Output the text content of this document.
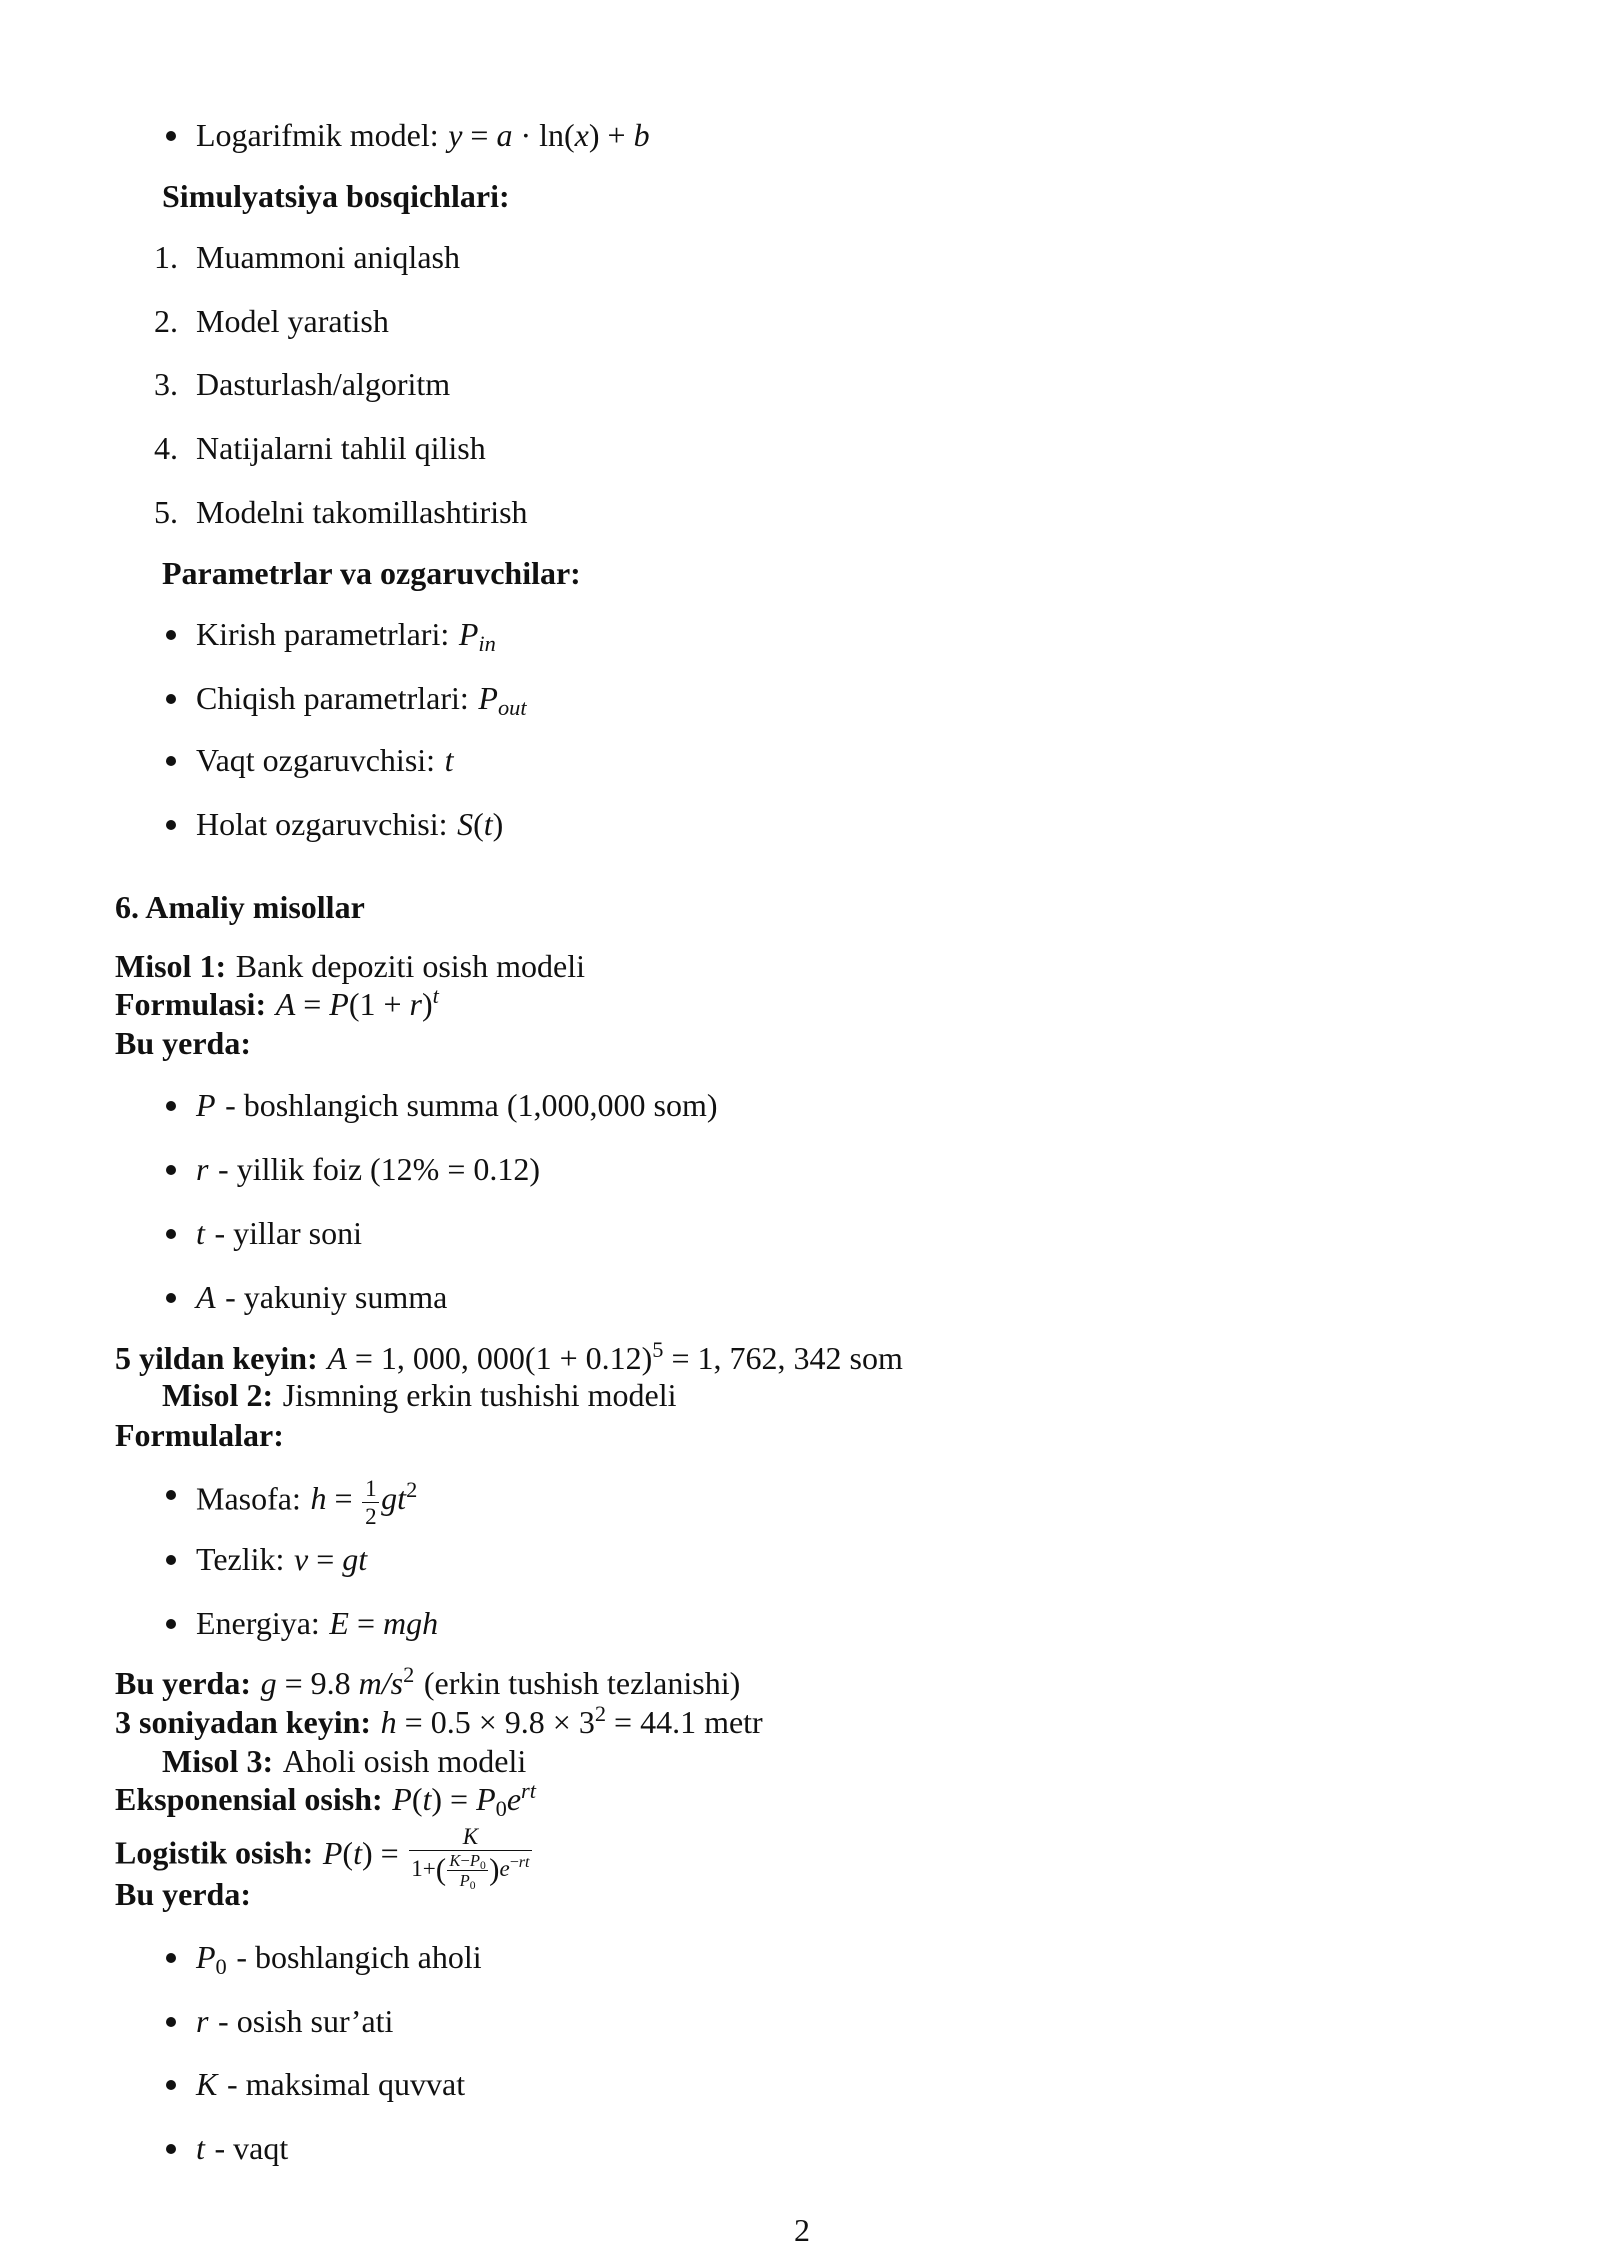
Logarifmik model: y = a · ln(x) + b
Simulyatsiya bosqichlari:
1. Muammoni aniqlash
2. Model yaratish
3. Dasturlash/algoritm
4. Natijalarni tahlil qilish
5. Modelni takomillashtirish
Parametrlar va ozgaruvchilar:
Kirish parametrlari: Pin
Chiqish parametrlari: Pout
Vaqt ozgaruvchisi: t
Holat ozgaruvchisi: S(t)
6. Amaliy misollar
Misol 1: Bank depoziti osish modeli
Formulasi: $A = P(1 + r)^t$
Bu yerda:
P - boshlangich summa (1,000,000 som)
r - yillik foiz (12% = 0.12)
t - yillar soni
A - yakuniy summa
5 yildan keyin: A = 1, 000, $000(1 + 0.12)^5 = 1$, 762, 342 som
Misol 2: Jismning erkin tushishi modeli
Formulalar:
Masofa: $h = \frac{1}{2} gt^2$
Tezlik: v = gt
Energiya: E = mgh
Bu yerda: g = 9.8 $m/s^2$ (erkin tushish tezlanishi)
3 soniyadan keyin: $h = 0.5 \times 9.8 \times 3^2 = 44.1$ metr
Misol 3: Aholi osish modeli
Eksponensial osish: $P(t) = P0e^{rt}$
Logistik osish: $P(t) = \frac{K}{1+( \frac{K-P0}{P0} )e^{-rt}}$
Bu yerda:
P0 - boshlangich aholi
r - osish sur’ati
K - maksimal quvvat
t - vaqt
2
